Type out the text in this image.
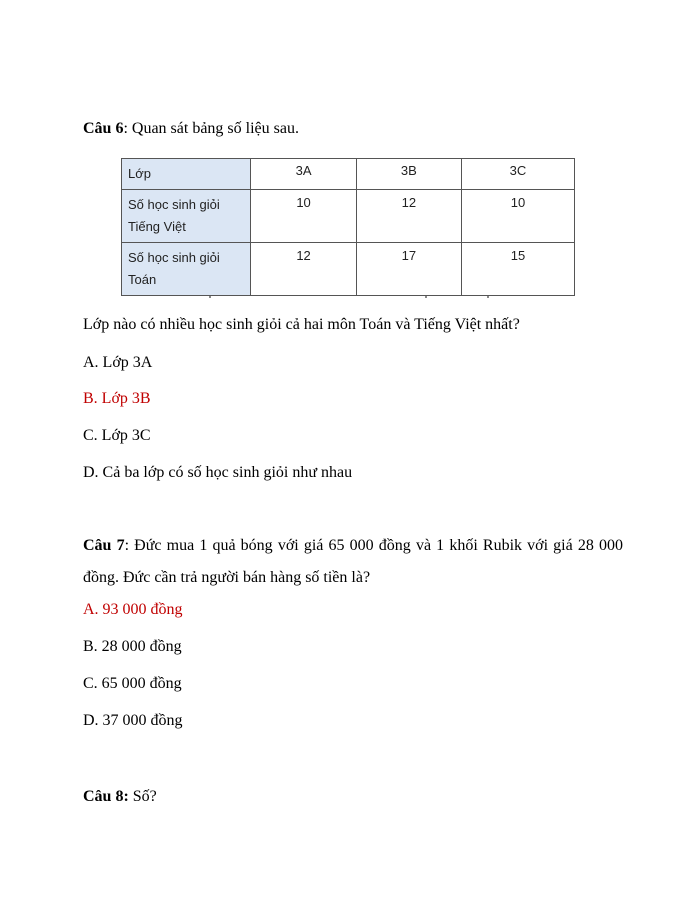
Câu 6: Quan sát bảng số liệu sau.
Lớp	3A	3B	3C

Số học sinh giỏi
Tiếng Việt	10	12	10

Số học sinh giỏi
Toán	12	17	15
Lớp nào có nhiều học sinh giỏi cả hai môn Toán và Tiếng Việt nhất?
A. Lớp 3A
B. Lớp 3B
C. Lớp 3C
D. Cả ba lớp có số học sinh giỏi như nhau
Câu 7: Đức mua 1 quả bóng với giá 65 000 đồng và 1 khối Rubik với giá 28 000 đồng. Đức cần trả người bán hàng số tiền là?
A. 93 000 đồng
B. 28 000 đồng
C. 65 000 đồng
D. 37 000 đồng
Câu 8: Số?
